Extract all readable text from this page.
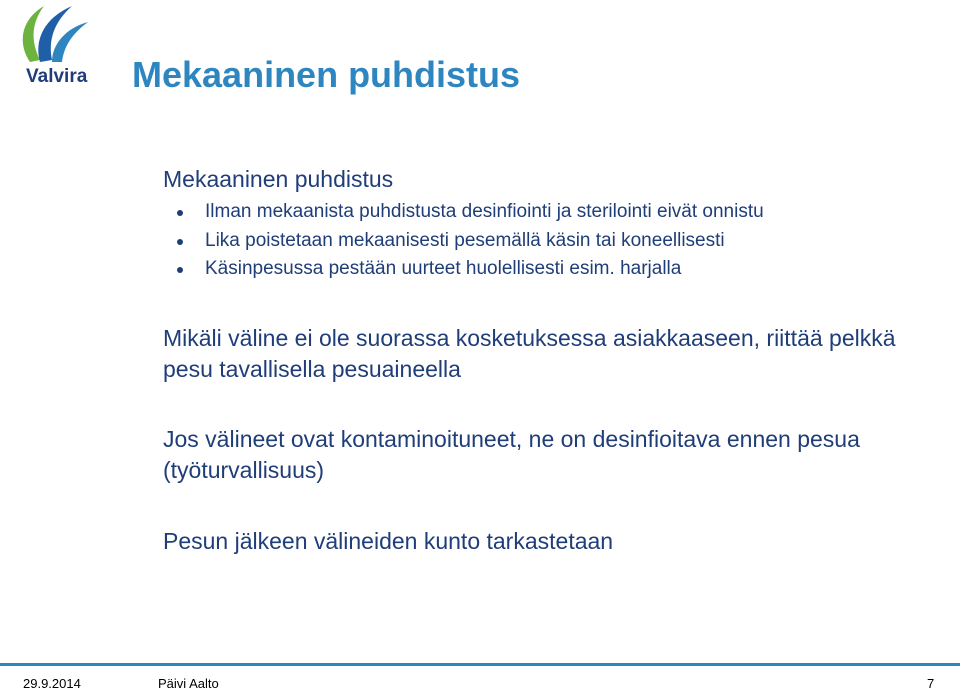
Valvira Mekaaninen puhdistus

Mekaaninen puhdistus

Ilman mekaanista puhdistusta desinfiointi ja sterilointi eivät onnistu
Lika poistetaan mekaanisesti pesemällä käsin tai koneellisesti
Käsinpesussa pestään uurteet huolellisesti esim. harjalla

Mikäli väline ei ole suorassa kosketuksessa asiakkaaseen, riittää pelkkä pesu tavallisella pesuaineella

Jos välineet ovat kontaminoituneet, ne on desinfioitava ennen pesua (työturvallisuus)

Pesun jälkeen välineiden kunto tarkastetaan

29.9.2014	Päivi Aalto	7
